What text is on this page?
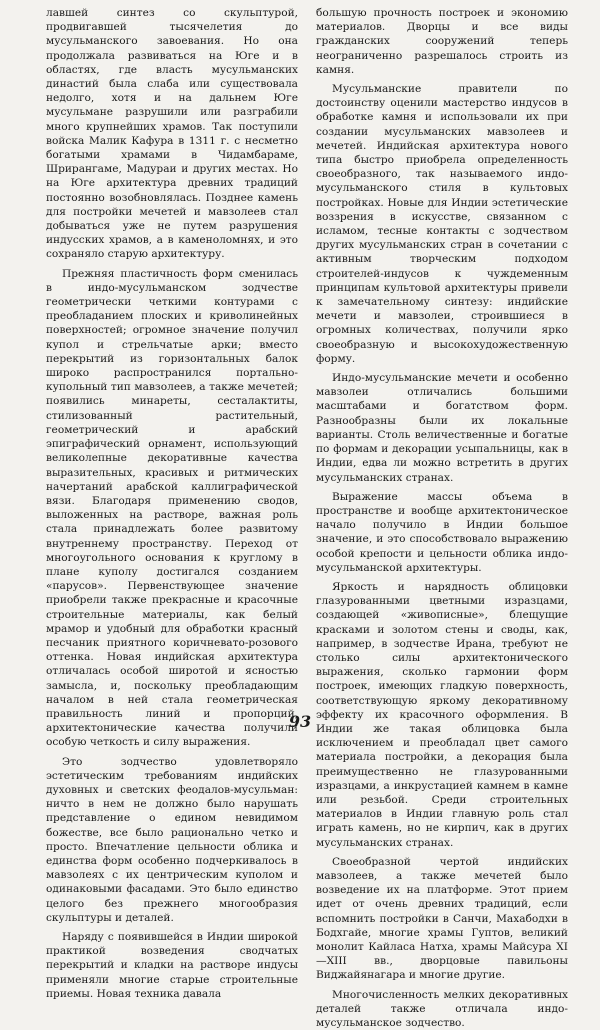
лавшей синтез со скульптурой, продвигавшей тысячелетия до мусульманского завоевания. Но она продолжала развиваться на Юге и в областях, где власть мусульманских династий была слаба или существовала недолго, хотя и на дальнем Юге мусульмане разрушили или разграбили много крупнейших храмов. Так поступили войска Малик Кафура в 1311 г. с несметно богатыми храмами в Чидамбараме, Шрирангаме, Мадураи и других местах. Но на Юге архитектура древних традиций постоянно возобновлялась. Позднее камень для постройки мечетей и мавзолеев стал добываться уже не путем разрушения индусских храмов, а в каменоломнях, и это сохраняло старую архитектуру.

Прежняя пластичность форм сменилась в индо-мусульманском зодчестве геометрически четкими контурами с преобладанием плоских и криволинейных поверхностей; огромное значение получил купол и стрельчатые арки; вместо перекрытий из горизонтальных балок широко распространился портально-купольный тип мавзолеев, а также мечетей; появились минареты, сесталактиты, стилизованный растительный, геометрический и арабский эпиграфический орнамент, использующий великолепные декоративные качества выразительных, красивых и ритмических начертаний арабской каллиграфической вязи. Благодаря применению сводов, выложенных на растворе, важная роль стала принадлежать более развитому внутреннему пространству. Переход от многоугольного основания к круглому в плане куполу достигался созданием «парусов». Первенствующее значение приобрели также прекрасные и красочные строительные материалы, как белый мрамор и удобный для обработки красный песчаник приятного коричневато-розового оттенка. Новая индийская архитектура отличалась особой широтой и ясностью замысла, и, поскольку преобладающим началом в ней стала геометрическая правильность линий и пропорций, архитектонические качества получили особую четкость и силу выражения.

Это зодчество удовлетворяло эстетическим требованиям индийских духовных и светских феодалов-мусульман: ничто в нем не должно было нарушать представление о едином невидимом божестве, все было рационально четко и просто. Впечатление цельности облика и единства форм особенно подчеркивалось в мавзолеях с их центрическим куполом и одинаковыми фасадами. Это было единство целого без прежнего многообразия скульптуры и деталей.

Наряду с появившейся в Индии широкой практикой возведения сводчатых перекрытий и кладки на растворе индусы применяли многие старые строительные приемы. Новая техника давала

большую прочность построек и экономию материалов. Дворцы и все виды гражданских сооружений теперь неограниченно разрешалось строить из камня.

Мусульманские правители по достоинству оценили мастерство индусов в обработке камня и использовали их при создании мусульманских мавзолеев и мечетей. Индийская архитектура нового типа быстро приобрела определенность своеобразного, так называемого индо-мусульманского стиля в культовых постройках. Новые для Индии эстетические воззрения в искусстве, связанном с исламом, тесные контакты с зодчеством других мусульманских стран в сочетании с активным творческим подходом строителей-индусов к чуждеменным принципам культовой архитектуры привели к замечательному синтезу: индийские мечети и мавзолеи, строившиеся в огромных количествах, получили ярко своеобразную и высокохудожественную форму.

Индо-мусульманские мечети и особенно мавзолеи отличались большими масштабами и богатством форм. Разнообразны были их локальные варианты. Столь величественные и богатые по формам и декорации усыпальницы, как в Индии, едва ли можно встретить в других мусульманских странах.

Выражение массы объема в пространстве и вообще архитектоническое начало получило в Индии большое значение, и это способствовало выражению особой крепости и цельности облика индо-мусульманской архитектуры.

Яркость и нарядность облицовки глазурованными цветными изразцами, создающей «живописные», блещущие красками и золотом стены и своды, как, например, в зодчестве Ирана, требуют не столько силы архитектонического выражения, сколько гармонии форм построек, имеющих гладкую поверхность, соответствующую яркому декоративному эффекту их красочного оформления. В Индии же такая облицовка была исключением и преобладал цвет самого материала постройки, а декорация была преимущественно не глазурованными изразцами, а инкрустацией камнем в камне или резьбой. Среди строительных материалов в Индии главную роль стал играть камень, но не кирпич, как в других мусульманских странах.

Своеобразной чертой индийских мавзолеев, а также мечетей было возведение их на платформе. Этот прием идет от очень древних традиций, если вспомнить постройки в Санчи, Махабодхи в Бодхгайе, многие храмы Гуптов, великий монолит Кайласа Натха, храмы Майсура XI—XIII вв., дворцовые павильоны Виджайянагара и многие другие.

Многочисленность мелких декоративных деталей также отличала индо-мусульманское зодчество.

93
